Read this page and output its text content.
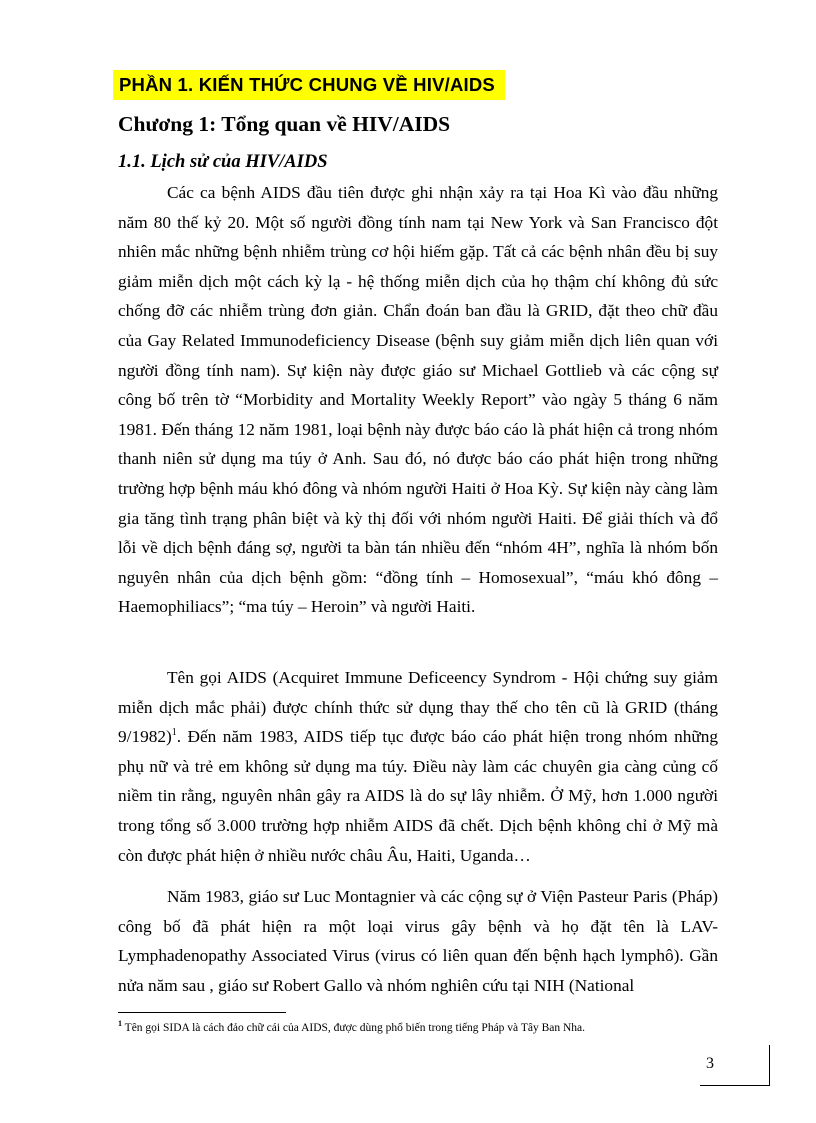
PHẦN 1. KIẾN THỨC CHUNG VỀ HIV/AIDS
Chương 1: Tổng quan về HIV/AIDS
1.1. Lịch sử của HIV/AIDS

Các ca bệnh AIDS đầu tiên được ghi nhận xảy ra tại Hoa Kì vào đầu những năm 80 thế kỷ 20. Một số người đồng tính nam tại New York và San Francisco đột nhiên mắc những bệnh nhiễm trùng cơ hội hiếm gặp. Tất cả các bệnh nhân đều bị suy giảm miễn dịch một cách kỳ lạ - hệ thống miễn dịch của họ thậm chí không đủ sức chống đỡ các nhiễm trùng đơn giản. Chẩn đoán ban đầu là GRID, đặt theo chữ đầu của Gay Related Immunodeficiency Disease (bệnh suy giảm miễn dịch liên quan với người đồng tính nam). Sự kiện này được giáo sư Michael Gottlieb và các cộng sự công bố trên tờ “Morbidity and Mortality Weekly Report” vào ngày 5 tháng 6 năm 1981. Đến tháng 12 năm 1981, loại bệnh này được báo cáo là phát hiện cả trong nhóm thanh niên sử dụng ma túy ở Anh. Sau đó, nó được báo cáo phát hiện trong những trường hợp bệnh máu khó đông và nhóm người Haiti ở Hoa Kỳ. Sự kiện này càng làm gia tăng tình trạng phân biệt và kỳ thị đối với nhóm người Haiti. Để giải thích và đổ lỗi về dịch bệnh đáng sợ, người ta bàn tán nhiều đến “nhóm 4H”, nghĩa là nhóm bốn nguyên nhân của dịch bệnh gồm: “đồng tính – Homosexual”, “máu khó đông – Haemophiliacs”; “ma túy – Heroin” và người Haiti.

Tên gọi AIDS (Acquiret Immune Deficeency Syndrom - Hội chứng suy giảm miễn dịch mắc phải) được chính thức sử dụng thay thế cho tên cũ là GRID (tháng 9/1982)$^1$. Đến năm 1983, AIDS tiếp tục được báo cáo phát hiện trong nhóm những phụ nữ và trẻ em không sử dụng ma túy. Điều này làm các chuyên gia càng củng cố niềm tin rằng, nguyên nhân gây ra AIDS là do sự lây nhiễm. Ở Mỹ, hơn 1.000 người trong tổng số 3.000 trường hợp nhiễm AIDS đã chết. Dịch bệnh không chỉ ở Mỹ mà còn được phát hiện ở nhiều nước châu Âu, Haiti, Uganda…

Năm 1983, giáo sư Luc Montagnier và các cộng sự ở Viện Pasteur Paris (Pháp) công bố đã phát hiện ra một loại virus gây bệnh và họ đặt tên là LAV-Lymphadenopathy Associated Virus (virus có liên quan đến bệnh hạch lymphô). Gần nửa năm sau , giáo sư Robert Gallo và nhóm nghiên cứu tại NIH (National

$^1$ Tên gọi SIDA là cách đảo chữ cái của AIDS, được dùng phổ biến trong tiếng Pháp và Tây Ban Nha.
3
